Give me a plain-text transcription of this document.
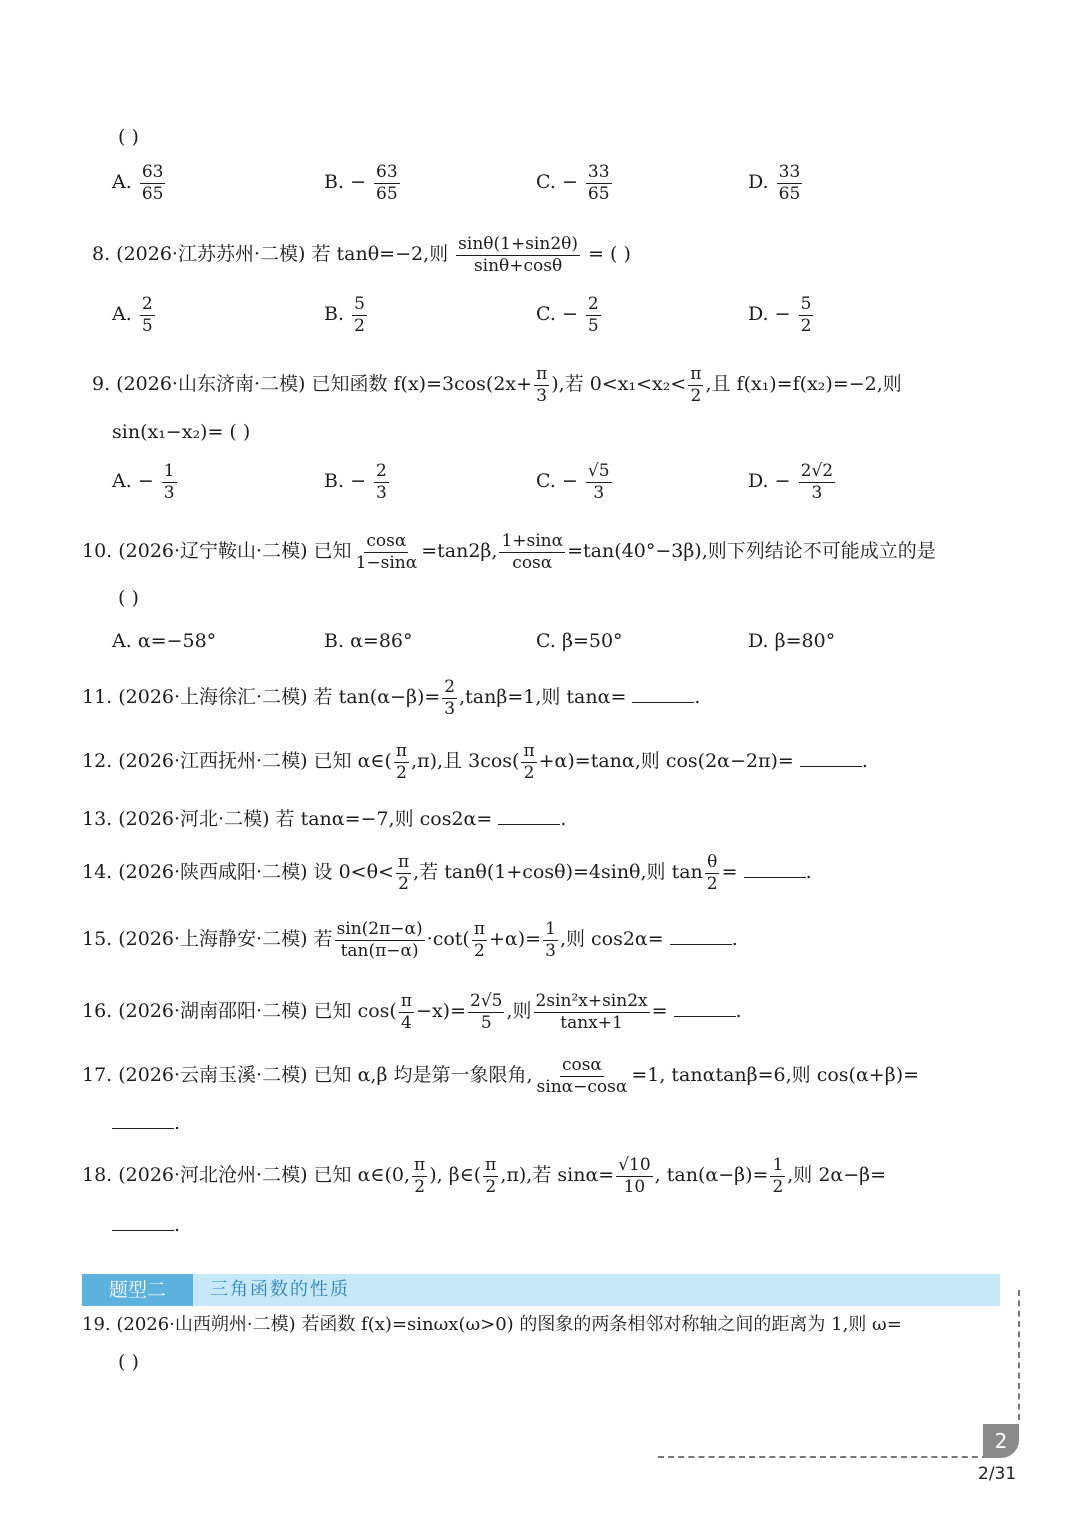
( )
A. $\frac{63}{65}$	B. − $\frac{63}{65}$	C. − $\frac{33}{65}$	D. $\frac{33}{65}$
8. (2026·江苏苏州·二模) 若 tanθ=−2,则 $\frac{\sin\theta(1+\sin 2\theta)}{\sin\theta+\cos\theta}$ = ( )
A. $\frac{2}{5}$	B. $\frac{5}{2}$	C. − $\frac{2}{5}$	D. − $\frac{5}{2}$
9. (2026·山东济南·二模) 已知函数 $f(x)=3\cos(2x+ \frac{\pi}{3}$ ),若 $0<x_1<x_2< \frac{\pi}{2}$ ,且 f(x₁)=f(x₂)=−2,则
sin(x₁−x₂)= ( )
A. − $\frac{1}{3}$	B. − $\frac{2}{3}$	C. − $\frac{√5}{3}$	D. − $\frac{2√2}{3}$
10. (2026·辽宁鞍山·二模) 已知 $\frac{\cos\alpha}{1-\sin\alpha} =\tan 2\beta$, $\frac{1+\sin\alpha}{\cos\alpha} =\tan(40^\circ-3\beta)$,则下列结论不可能成立的是
( )
A. α=−58°	B. α=86°	C. β=50°	D. β=80°
11. (2026·上海徐汇·二模) 若 $\tan(\alpha-\beta)= \frac{2}{3} ,\tan\beta=1$,则 tanα=	.
12. (2026·江西抚州·二模) 已知 α∈( $\frac{\pi}{2} ,\pi$),且 $3\cos( \frac{\pi}{2} +\alpha)=\tan\alpha$,则 cos(2α−2π)=	.
13. (2026·河北·二模) 若 tanα=−7,则 cos2α=	.
14. (2026·陕西咸阳·二模) 设 $0<\theta< \frac{\pi}{2}$ ,若 tanθ(1+cosθ)=4sinθ,则 $\tan \frac{\theta}{2}$ =	.
15. (2026·上海静安·二模) 若 $\frac{\sin(2\pi-\alpha)}{\tan(\pi-\alpha)} \cdot\cot( \frac{\pi}{2} +\alpha)= \frac{1}{3}$ ,则 cos2α=	.
16. (2026·湖南邵阳·二模) 已知 $\cos( \frac{\pi}{4} -x)= \frac{2√5}{5}$ ,则 $\frac{\text{2sin²x+sin2x}}{\tan x+1}$ =	.
17. (2026·云南玉溪·二模) 已知 α,β 均是第一象限角, $\frac{\cos\alpha}{\sin\alpha-\cos\alpha} =1$, tanαtanβ=6,则 cos(α+β)=
.
18. (2026·河北沧州·二模) 已知 α∈(0, $\frac{\pi}{2}$ ), β∈( $\frac{\pi}{2} ,\pi$),若 $\sin\alpha= \frac{√10}{10}$ , $\tan(\alpha-\beta)= \frac{1}{2}$ ,则 2α−β=
.
题型二	三角函数的性质
19. (2026·山西朔州·二模) 若函数 f(x)=sinωx(ω>0) 的图象的两条相邻对称轴之间的距离为 1,则 ω=
( )
2
2/31
